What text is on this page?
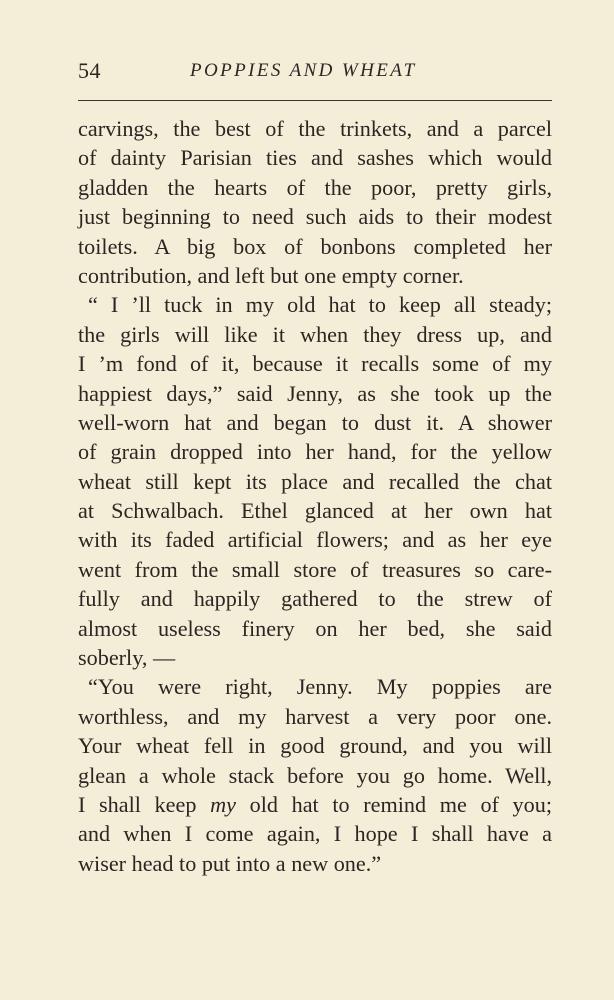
54	POPPIES AND WHEAT
carvings, the best of the trinkets, and a parcel
of dainty Parisian ties and sashes which would
gladden the hearts of the poor, pretty girls,
just beginning to need such aids to their modest
toilets. A big box of bonbons completed her
contribution, and left but one empty corner.
“ I ’ll tuck in my old hat to keep all steady;
the girls will like it when they dress up, and
I ’m fond of it, because it recalls some of my
happiest days,” said Jenny, as she took up the
well-worn hat and began to dust it. A shower
of grain dropped into her hand, for the yellow
wheat still kept its place and recalled the chat
at Schwalbach. Ethel glanced at her own hat
with its faded artificial flowers; and as her eye
went from the small store of treasures so care-
fully and happily gathered to the strew of
almost useless finery on her bed, she said
soberly, —
“You were right, Jenny. My poppies are
worthless, and my harvest a very poor one.
Your wheat fell in good ground, and you will
glean a whole stack before you go home. Well,
I shall keep my old hat to remind me of you;
and when I come again, I hope I shall have a
wiser head to put into a new one.”
